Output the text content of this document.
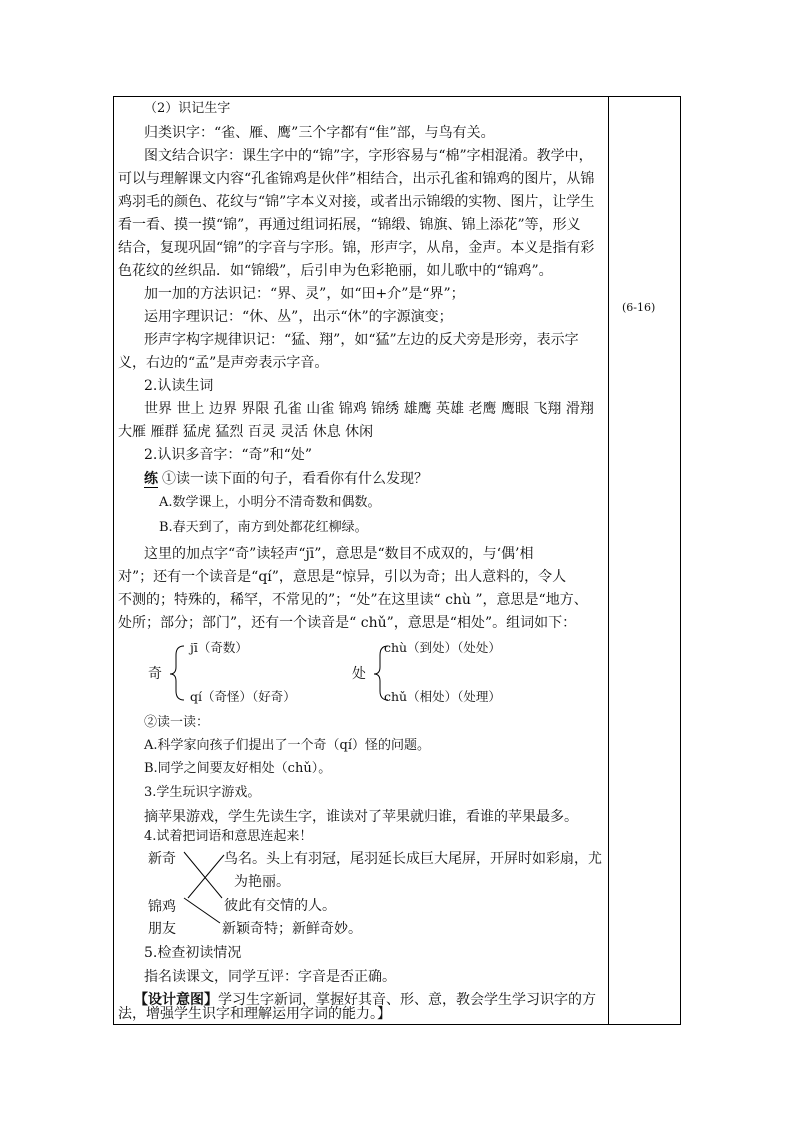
(6-16)
（2）识记生字
归类识字：“雀、雁、鹰”三个字都有“隹”部，与鸟有关。
图文结合识字：课生字中的“锦”字，字形容易与“棉”字相混淆。教学中，
可以与理解课文内容“孔雀锦鸡是伙伴”相结合，出示孔雀和锦鸡的图片，从锦
鸡羽毛的颜色、花纹与“锦”字本义对接，或者出示锦缎的实物、图片，让学生
看一看、摸一摸“锦”，再通过组词拓展，“锦缎、锦旗、锦上添花”等，形义
结合，复现巩固“锦”的字音与字形。锦，形声字，从帛，金声。本义是指有彩
色花纹的丝织品．如“锦缎”，后引申为色彩艳丽，如儿歌中的“锦鸡”。
加一加的方法识记：“界、灵”，如“田+介”是“界”；
运用字理识记：“休、丛”，出示“休”的字源演变；
形声字构字规律识记：“猛、翔”，如“猛”左边的反犬旁是形旁，表示字
义，右边的“孟”是声旁表示字音。
2.认读生词
世界 世上 边界 界限 孔雀 山雀 锦鸡 锦绣 雄鹰 英雄 老鹰 鹰眼 飞翔 滑翔
大雁 雁群 猛虎 猛烈 百灵 灵活 休息 休闲
2.认识多音字：“奇”和“处”
练 ①读一读下面的句子，看看你有什么发现？
A.数学课上，小明分不清奇数和偶数。
B.春天到了，南方到处都花红柳绿。
这里的加点字“奇”读轻声“jī”，意思是“数目不成双的，与‘偶’相
对”；还有一个读音是“qí”，意思是“惊异，引以为奇；出人意料的，令人
不测的；特殊的，稀罕，不常见的”；“处”在这里读“ chù ”，意思是“地方、
处所；部分；部门”，还有一个读音是“ chǔ”，意思是“相处”。组词如下：
奇
jī（奇数）
qí（奇怪）（好奇）
处
chù（到处）（处处）
chǔ（相处）（处理）
②读一读：
A.科学家向孩子们提出了一个奇（qí）怪的问题。
B.同学之间要友好相处（chǔ）。
3.学生玩识字游戏。
摘苹果游戏，学生先读生字，谁读对了苹果就归谁，看谁的苹果最多。
4.试着把词语和意思连起来！
新奇	鸟名。头上有羽冠，尾羽延长成巨大尾屏，开屏时如彩扇，尤
为艳丽。
锦鸡	彼此有交情的人。
朋友	新颖奇特；新鲜奇妙。
5.检查初读情况
指名读课文，同学互评：字音是否正确。
【设计意图】学习生字新词，掌握好其音、形、意，教会学生学习识字的方
法，增强学生识字和理解运用字词的能力。】
